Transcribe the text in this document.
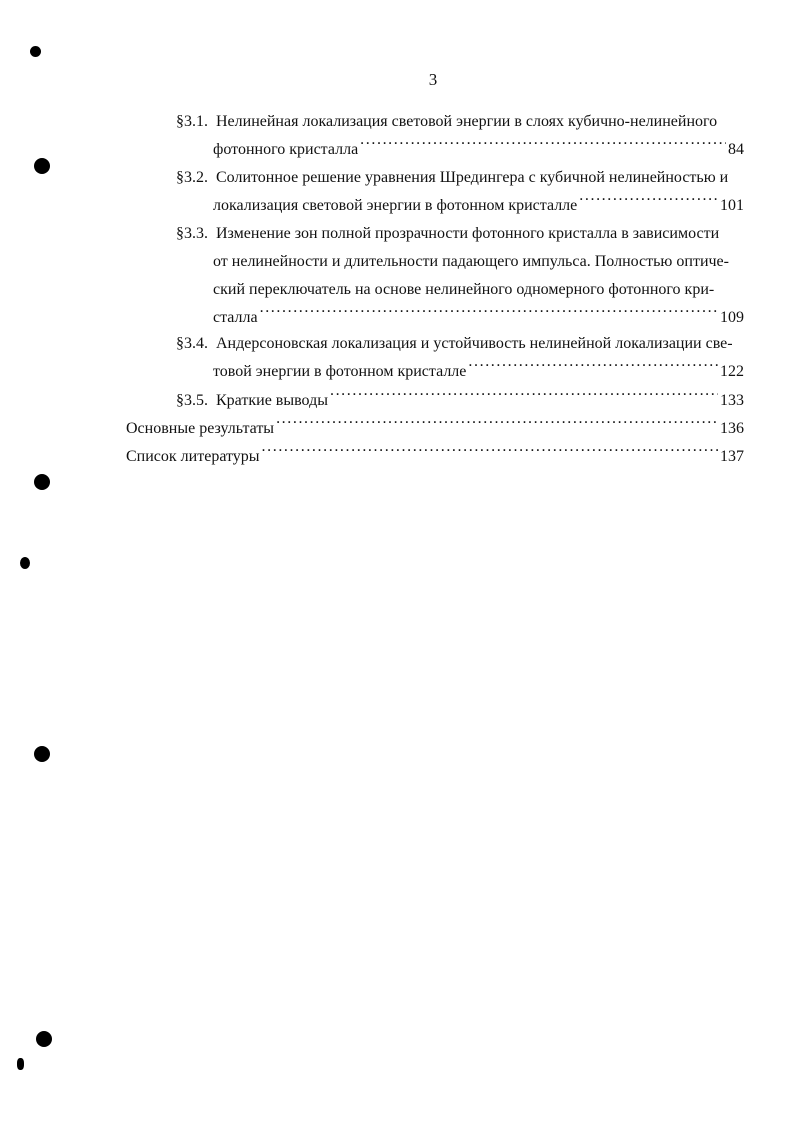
3
§3.1.
Нелинейная локализация световой энергии в слоях кубично-нелинейного
фотонного кристалла .....	84
§3.2.
Солитонное решение уравнения Шредингера с кубичной нелинейностью и
локализация световой энергии в фотонном кристалле .....	101
§3.3.
Изменение зон полной прозрачности фотонного кристалла в зависимости
от нелинейности и длительности падающего импульса. Полностью оптиче-
ский переключатель на основе нелинейного одномерного фотонного кри-
сталла .....	109
§3.4.
Андерсоновская локализация и устойчивость нелинейной локализации све-
товой энергии в фотонном кристалле .....	122
§3.5.
Краткие выводы .....	133
Основные результаты .....	136
Список литературы .....	137
